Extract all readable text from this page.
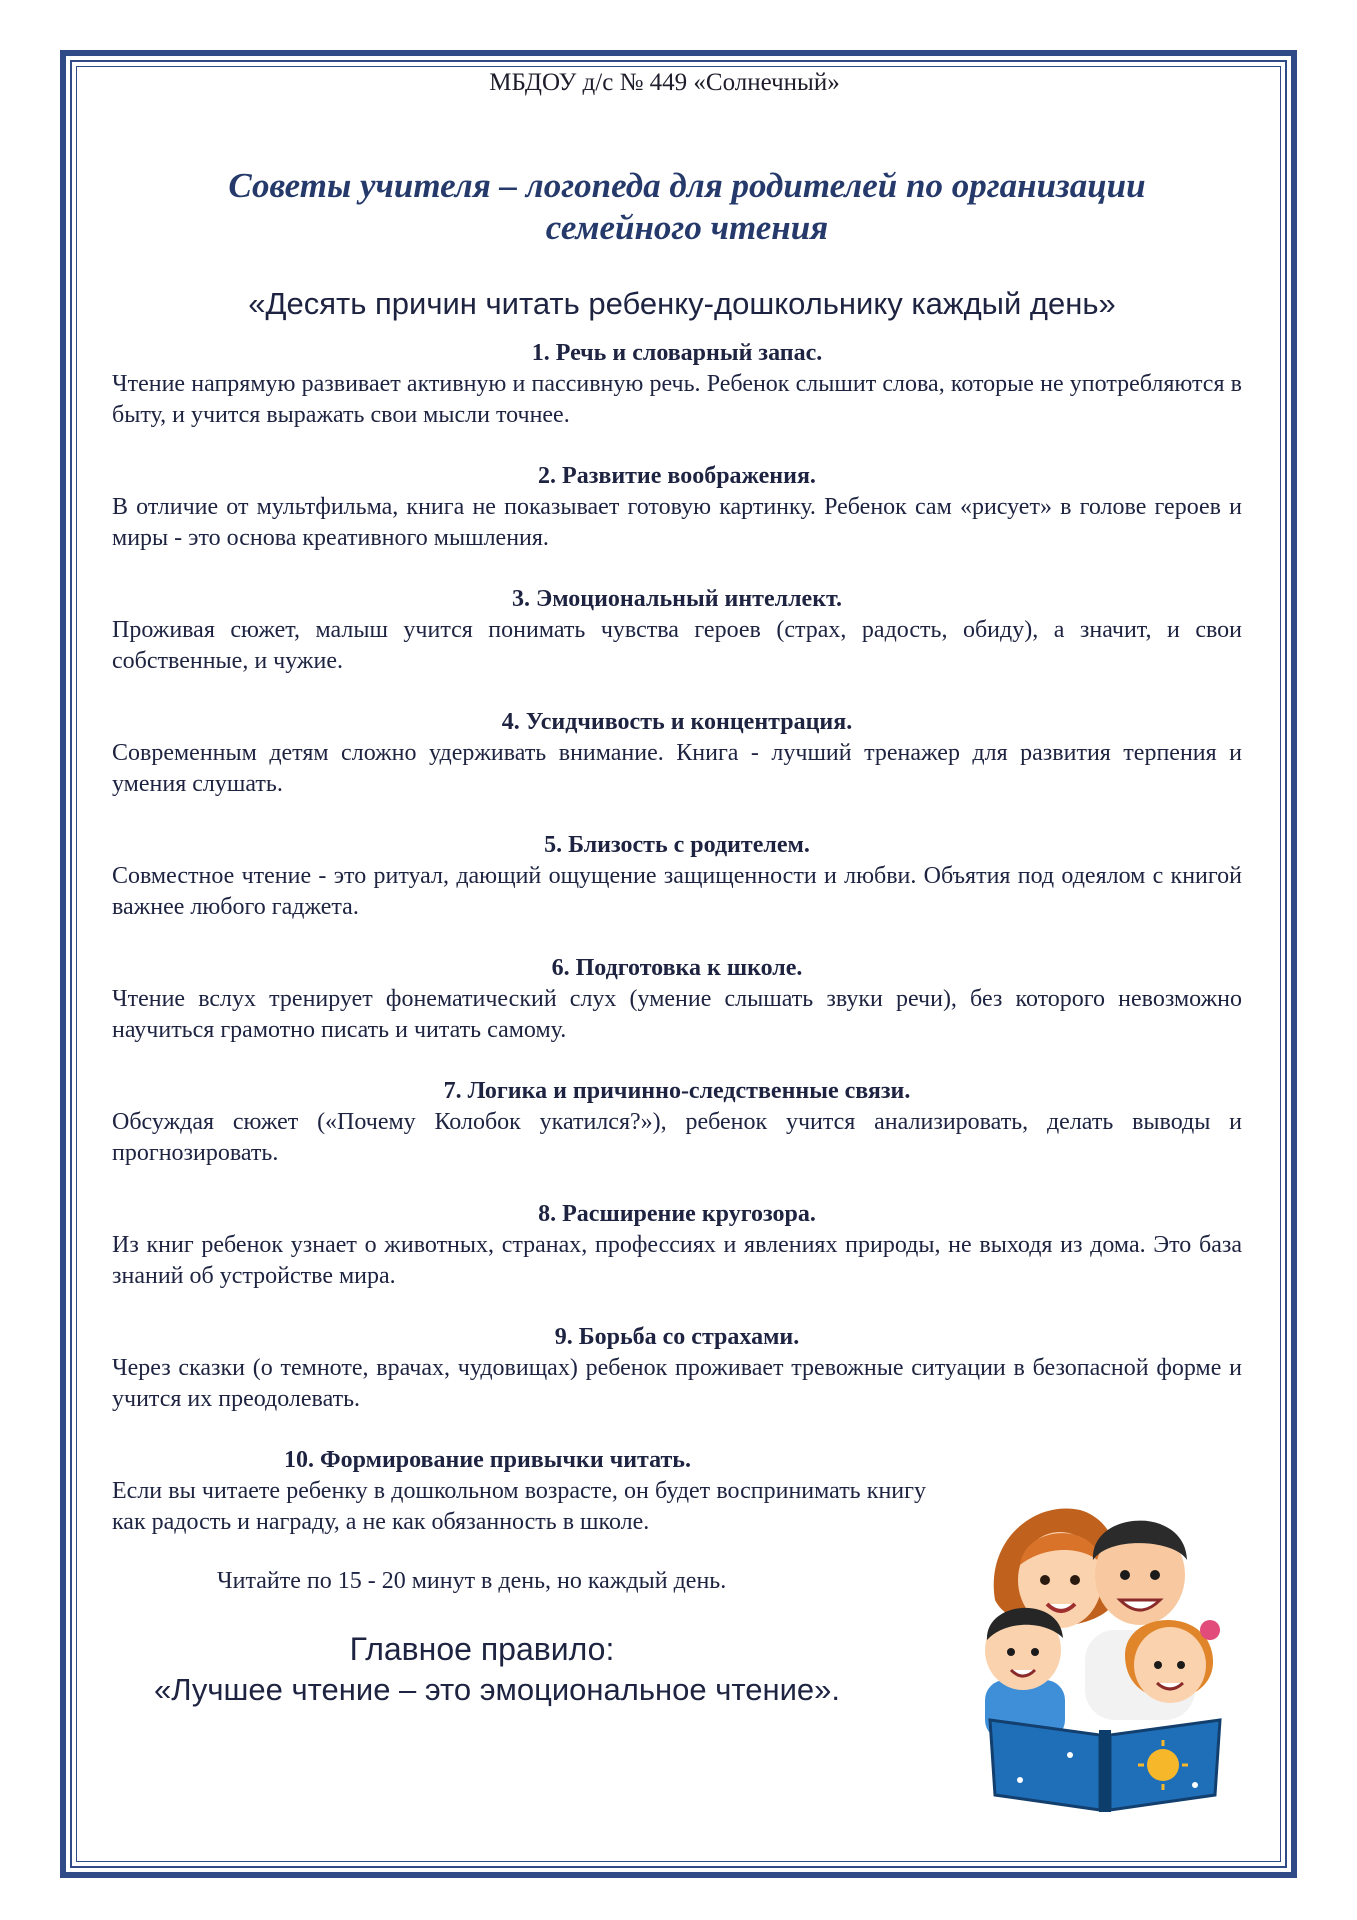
МБДОУ д/с № 449 «Солнечный»
Советы учителя – логопеда для родителей по организации
семейного чтения
«Десять причин читать ребенку-дошкольнику каждый день»
1. Речь и словарный запас.
Чтение напрямую развивает активную и пассивную речь. Ребенок слышит слова, которые не употребляются в быту, и учится выражать свои мысли точнее.
2. Развитие воображения.
В отличие от мультфильма, книга не показывает готовую картинку. Ребенок сам «рисует» в голове героев и миры - это основа креативного мышления.
3. Эмоциональный интеллект.
Проживая сюжет, малыш учится понимать чувства героев (страх, радость, обиду), а значит, и свои собственные, и чужие.
4. Усидчивость и концентрация.
Современным детям сложно удерживать внимание. Книга - лучший тренажер для развития терпения и умения слушать.
5. Близость с родителем.
Совместное чтение - это ритуал, дающий ощущение защищенности и любви. Объятия под одеялом с книгой важнее любого гаджета.
6. Подготовка к школе.
Чтение вслух тренирует фонематический слух (умение слышать звуки речи), без которого невозможно научиться грамотно писать и читать самому.
7. Логика и причинно-следственные связи.
Обсуждая сюжет («Почему Колобок укатился?»), ребенок учится анализировать, делать выводы и прогнозировать.
8. Расширение кругозора.
Из книг ребенок узнает о животных, странах, профессиях и явлениях природы, не выходя из дома. Это база знаний об устройстве мира.
9. Борьба со страхами.
Через сказки (о темноте, врачах, чудовищах) ребенок проживает тревожные ситуации в безопасной форме и учится их преодолевать.
10. Формирование привычки читать.
Если вы читаете ребенку в дошкольном возрасте, он будет воспринимать книгу как радость и награду, а не как обязанность в школе.
Читайте по 15 - 20 минут в день, но каждый день.
Главное правило:
«Лучшее чтение – это эмоциональное чтение».
